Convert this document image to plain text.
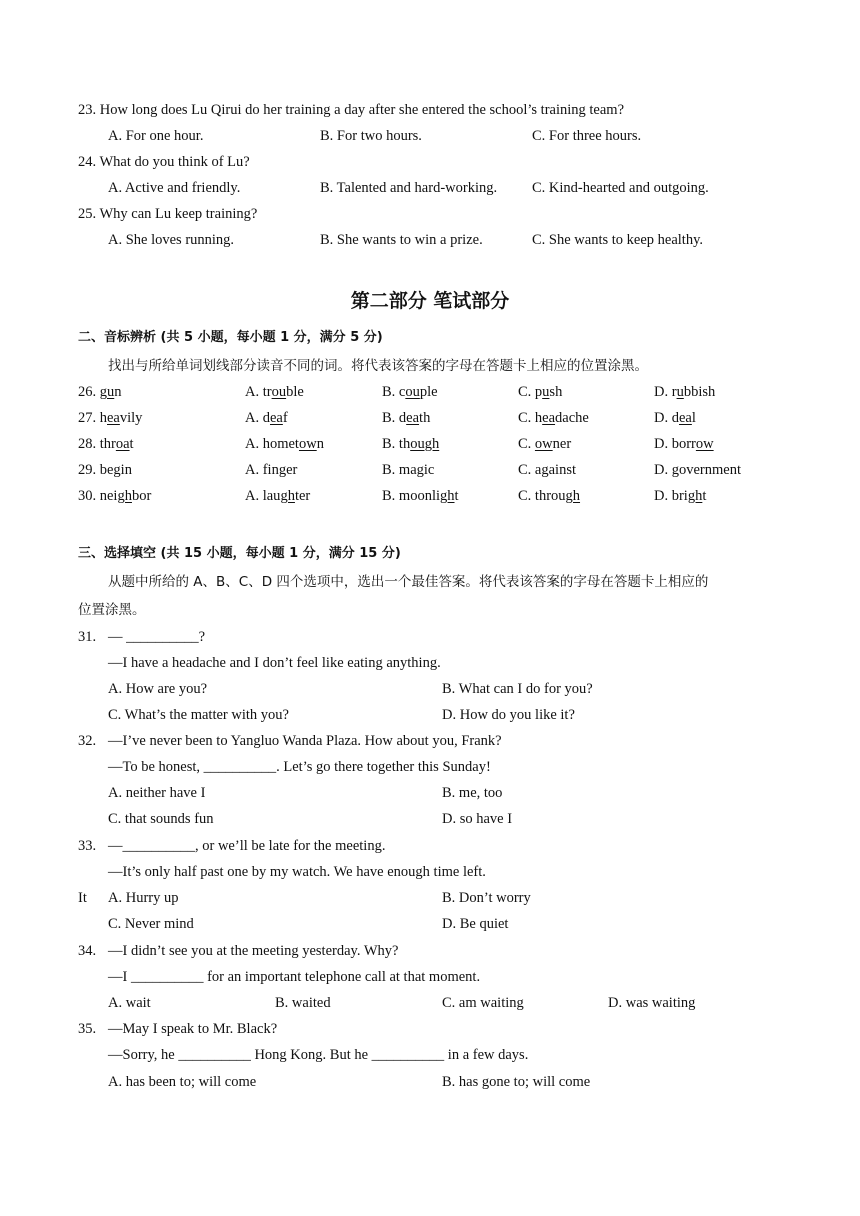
23. How long does Lu Qirui do her training a day after she entered the school’s training team?
A. For one hour.	B. For two hours.	C. For three hours.
24. What do you think of Lu?
A. Active and friendly.	B. Talented and hard-working. C. Kind-hearted and outgoing.
25. Why can Lu keep training?
A. She loves running.	B. She wants to win a prize.	C. She wants to keep healthy.
第二部分 笔试部分
二、音标辨析 (共 5 小题，每小题 1 分，满分 5 分)
找出与所给单词划线部分读音不同的词。将代表该答案的字母在答题卡上相应的位置涂黑。
26. gun	A. trouble	B. couple	C. push	D. rubbish
27. heavily	A. deaf	B. death	C. headache	D. deal
28. throat	A. hometown	B. though	C. owner	D. borrow
29. begin	A. finger	B. magic	C. against	D. government
30. neighbor	A. laughter	B. moonlight	C. through	D. bright
三、选择填空 (共 15 小题，每小题 1 分，满分 15 分)
从题中所给的 A、B、C、D 四个选项中，选出一个最佳答案。将代表该答案的字母在答题卡上相应的
位置涂黑。
31. — __________?
—I have a headache and I don’t feel like eating anything.
A. How are you?	B. What can I do for you?
C. What’s the matter with you?	D. How do you like it?
32. —I’ve never been to Yangluo Wanda Plaza. How about you, Frank?
—To be honest, __________. Let’s go there together this Sunday!
A. neither have I	B. me, too
C. that sounds fun	D. so have I
33. —__________, or we’ll be late for the meeting.
—It’s only half past one by my watch. We have enough time left.
It A. Hurry up	B. Don’t worry
C. Never mind	D. Be quiet
34. —I didn’t see you at the meeting yesterday. Why?
—I __________ for an important telephone call at that moment.
A. wait	B. waited	C. am waiting	D. was waiting
35. —May I speak to Mr. Black?
—Sorry, he __________ Hong Kong. But he __________ in a few days.
A. has been to; will come	B. has gone to; will come
